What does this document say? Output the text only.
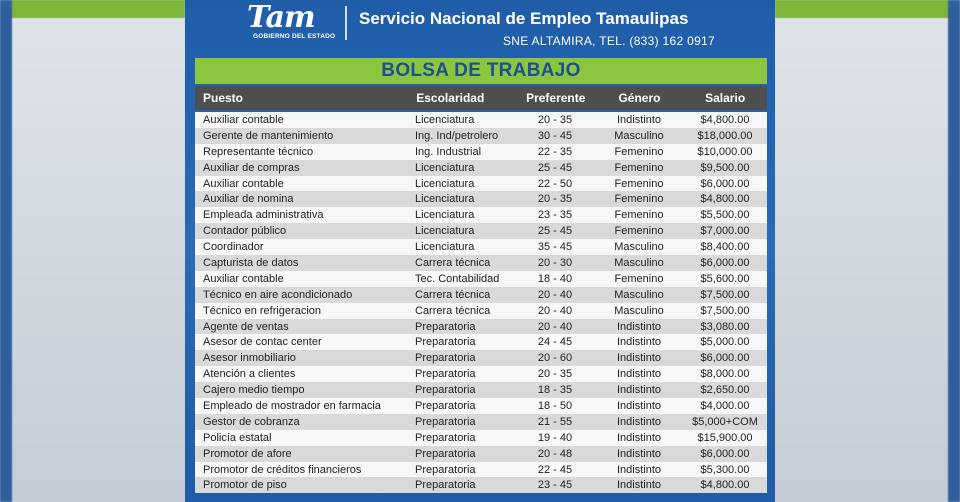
Tam
GOBIERNO DEL ESTADO
Servicio Nacional de Empleo Tamaulipas
SNE ALTAMIRA, TEL. (833) 162 0917
BOLSA DE TRABAJO
Puesto	Escolaridad	Preferente	Género	Salario
Auxiliar contable	Licenciatura	20 - 35	Indistinto	$4,800.00
Gerente de mantenimiento	Ing. Ind/petrolero	30 - 45	Masculino	$18,000.00
Representante técnico	Ing. Industrial	22 - 35	Femenino	$10,000.00
Auxiliar de compras	Licenciatura	25 - 45	Femenino	$9,500.00
Auxiliar contable	Licenciatura	22 - 50	Femenino	$6,000.00
Auxiliar de nomina	Licenciatura	20 - 35	Femenino	$4,800.00
Empleada administrativa	Licenciatura	23 - 35	Femenino	$5,500.00
Contador público	Licenciatura	25 - 45	Femenino	$7,000.00
Coordinador	Licenciatura	35 - 45	Masculino	$8,400.00
Capturista de datos	Carrera técnica	20 - 30	Masculino	$6,000.00
Auxiliar contable	Tec. Contabilidad	18 - 40	Femenino	$5,600.00
Técnico en aire acondicionado	Carrera técnica	20 - 40	Masculino	$7,500.00
Técnico en refrigeracion	Carrera técnica	20 - 40	Masculino	$7,500.00
Agente de ventas	Preparatoria	20 - 40	Indistinto	$3,080.00
Asesor de contac center	Preparatoria	24 - 45	Indistinto	$5,000.00
Asesor inmobiliario	Preparatoria	20 - 60	Indistinto	$6,000.00
Atención a clientes	Preparatoria	20 - 35	Indistinto	$8,000.00
Cajero medio tiempo	Preparatoria	18 - 35	Indistinto	$2,650.00
Empleado de mostrador en farmacia	Preparatoria	18 - 50	Indistinto	$4,000.00
Gestor de cobranza	Preparatoria	21 - 55	Indistinto	$5,000+COM
Policía estatal	Preparatoria	19 - 40	Indistinto	$15,900.00
Promotor de afore	Preparatoria	20 - 48	Indistinto	$6,000.00
Promotor de créditos financieros	Preparatoria	22 - 45	Indistinto	$5,300.00
Promotor de piso	Preparatoria	23 - 45	Indistinto	$4,800.00
